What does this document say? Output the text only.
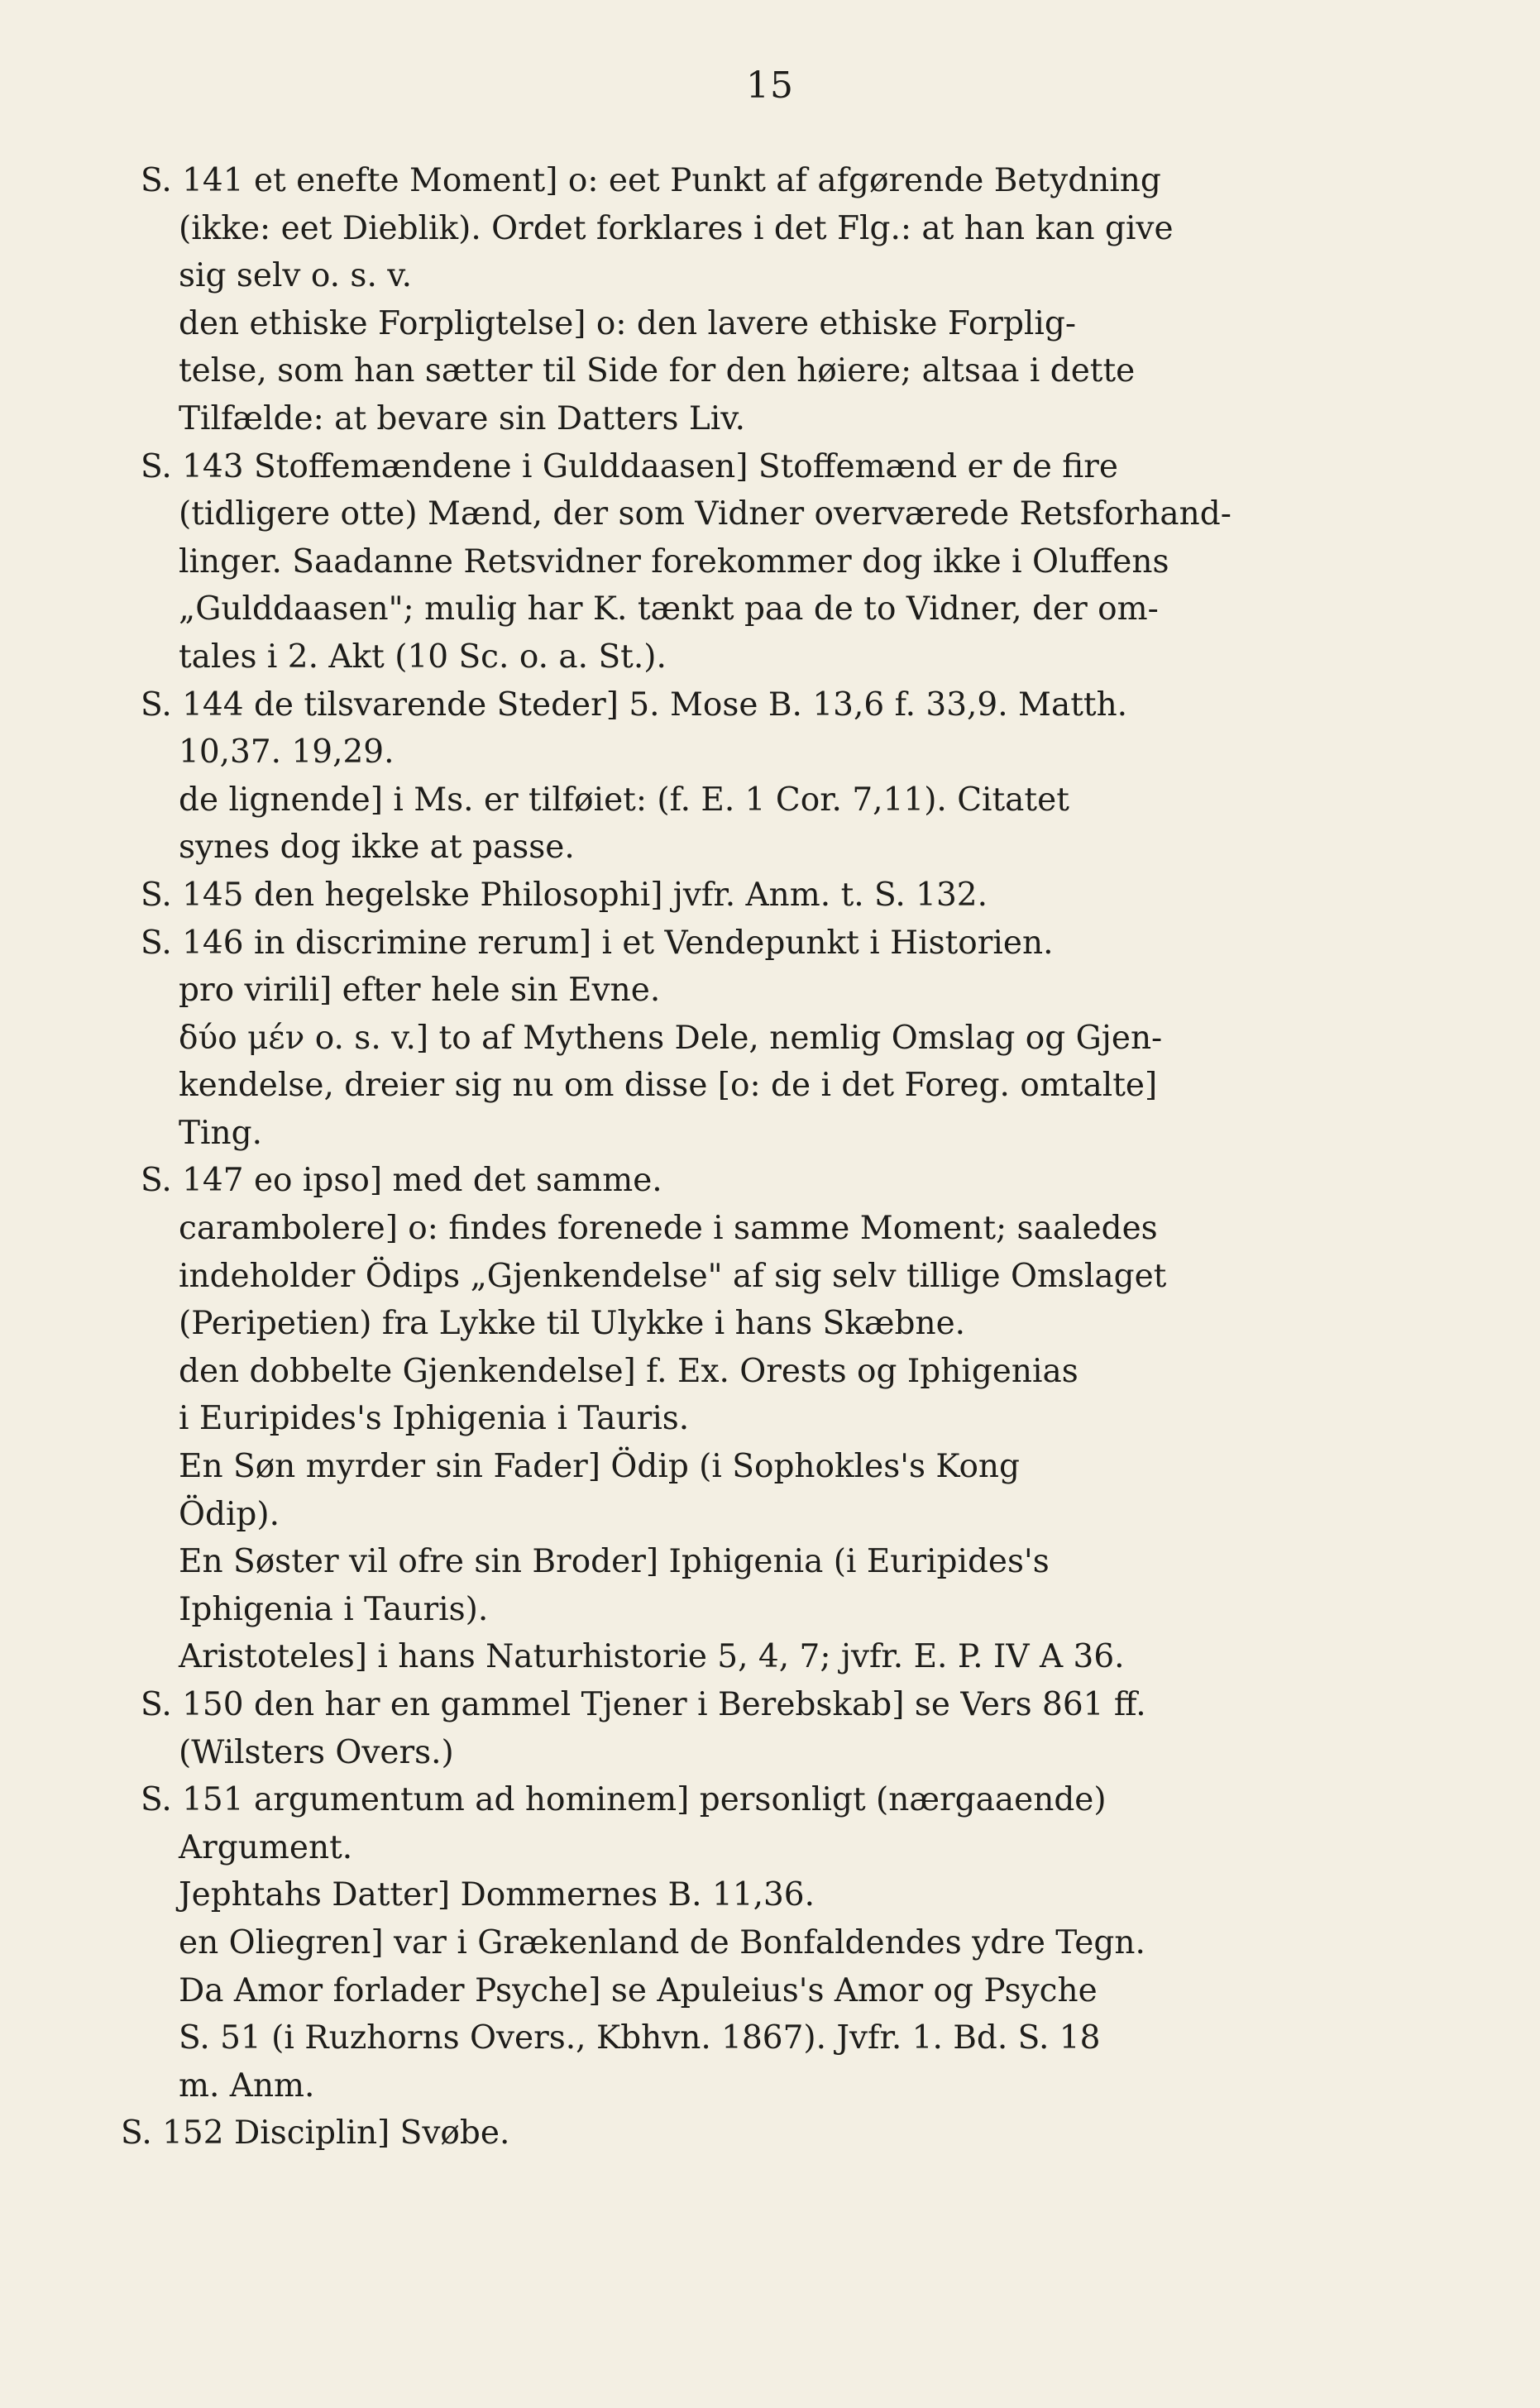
15
S. 141 et enefte Moment] o: eet Punkt af afgørende Betydning
(ikke: eet Dieblik). Ordet forklares i det Flg.: at han kan give
sig selv o. s. v.
den ethiske Forpligtelse] o: den lavere ethiske Forplig-
telse, som han sætter til Side for den høiere; altsaa i dette
Tilfælde: at bevare sin Datters Liv.
S. 143 Stoffemændene i Gulddaasen] Stoffemænd er de fire
(tidligere otte) Mænd, der som Vidner overværede Retsforhand-
linger. Saadanne Retsvidner forekommer dog ikke i Oluffens
„Gulddaasen"; mulig har K. tænkt paa de to Vidner, der om-
tales i 2. Akt (10 Sc. o. a. St.).
S. 144 de tilsvarende Steder] 5. Mose B. 13,6 f. 33,9. Matth.
10,37. 19,29.
de lignende] i Ms. er tilføiet: (f. E. 1 Cor. 7,11). Citatet
synes dog ikke at passe.
S. 145 den hegelske Philosophi] jvfr. Anm. t. S. 132.
S. 146 in discrimine rerum] i et Vendepunkt i Historien.
pro virili] efter hele sin Evne.
δύο μέν o. s. v.] to af Mythens Dele, nemlig Omslag og Gjen-
kendelse, dreier sig nu om disse [o: de i det Foreg. omtalte]
Ting.
S. 147 eo ipso] med det samme.
carambolere] o: findes forenede i samme Moment; saaledes
indeholder Ödips „Gjenkendelse" af sig selv tillige Omslaget
(Peripetien) fra Lykke til Ulykke i hans Skæbne.
den dobbelte Gjenkendelse] f. Ex. Orests og Iphigenias
i Euripides's Iphigenia i Tauris.
En Søn myrder sin Fader] Ödip (i Sophokles's Kong
Ödip).
En Søster vil ofre sin Broder] Iphigenia (i Euripides's
Iphigenia i Tauris).
Aristoteles] i hans Naturhistorie 5, 4, 7; jvfr. E. P. IV A 36.
S. 150 den har en gammel Tjener i Berebskab] se Vers 861 ff.
(Wilsters Overs.)
S. 151 argumentum ad hominem] personligt (nærgaaende)
Argument.
Jephtahs Datter] Dommernes B. 11,36.
en Oliegren] var i Grækenland de Bonfaldendes ydre Tegn.
Da Amor forlader Psyche] se Apuleius's Amor og Psyche
S. 51 (i Ruzhorns Overs., Kbhvn. 1867). Jvfr. 1. Bd. S. 18
m. Anm.
S. 152 Disciplin] Svøbe.
